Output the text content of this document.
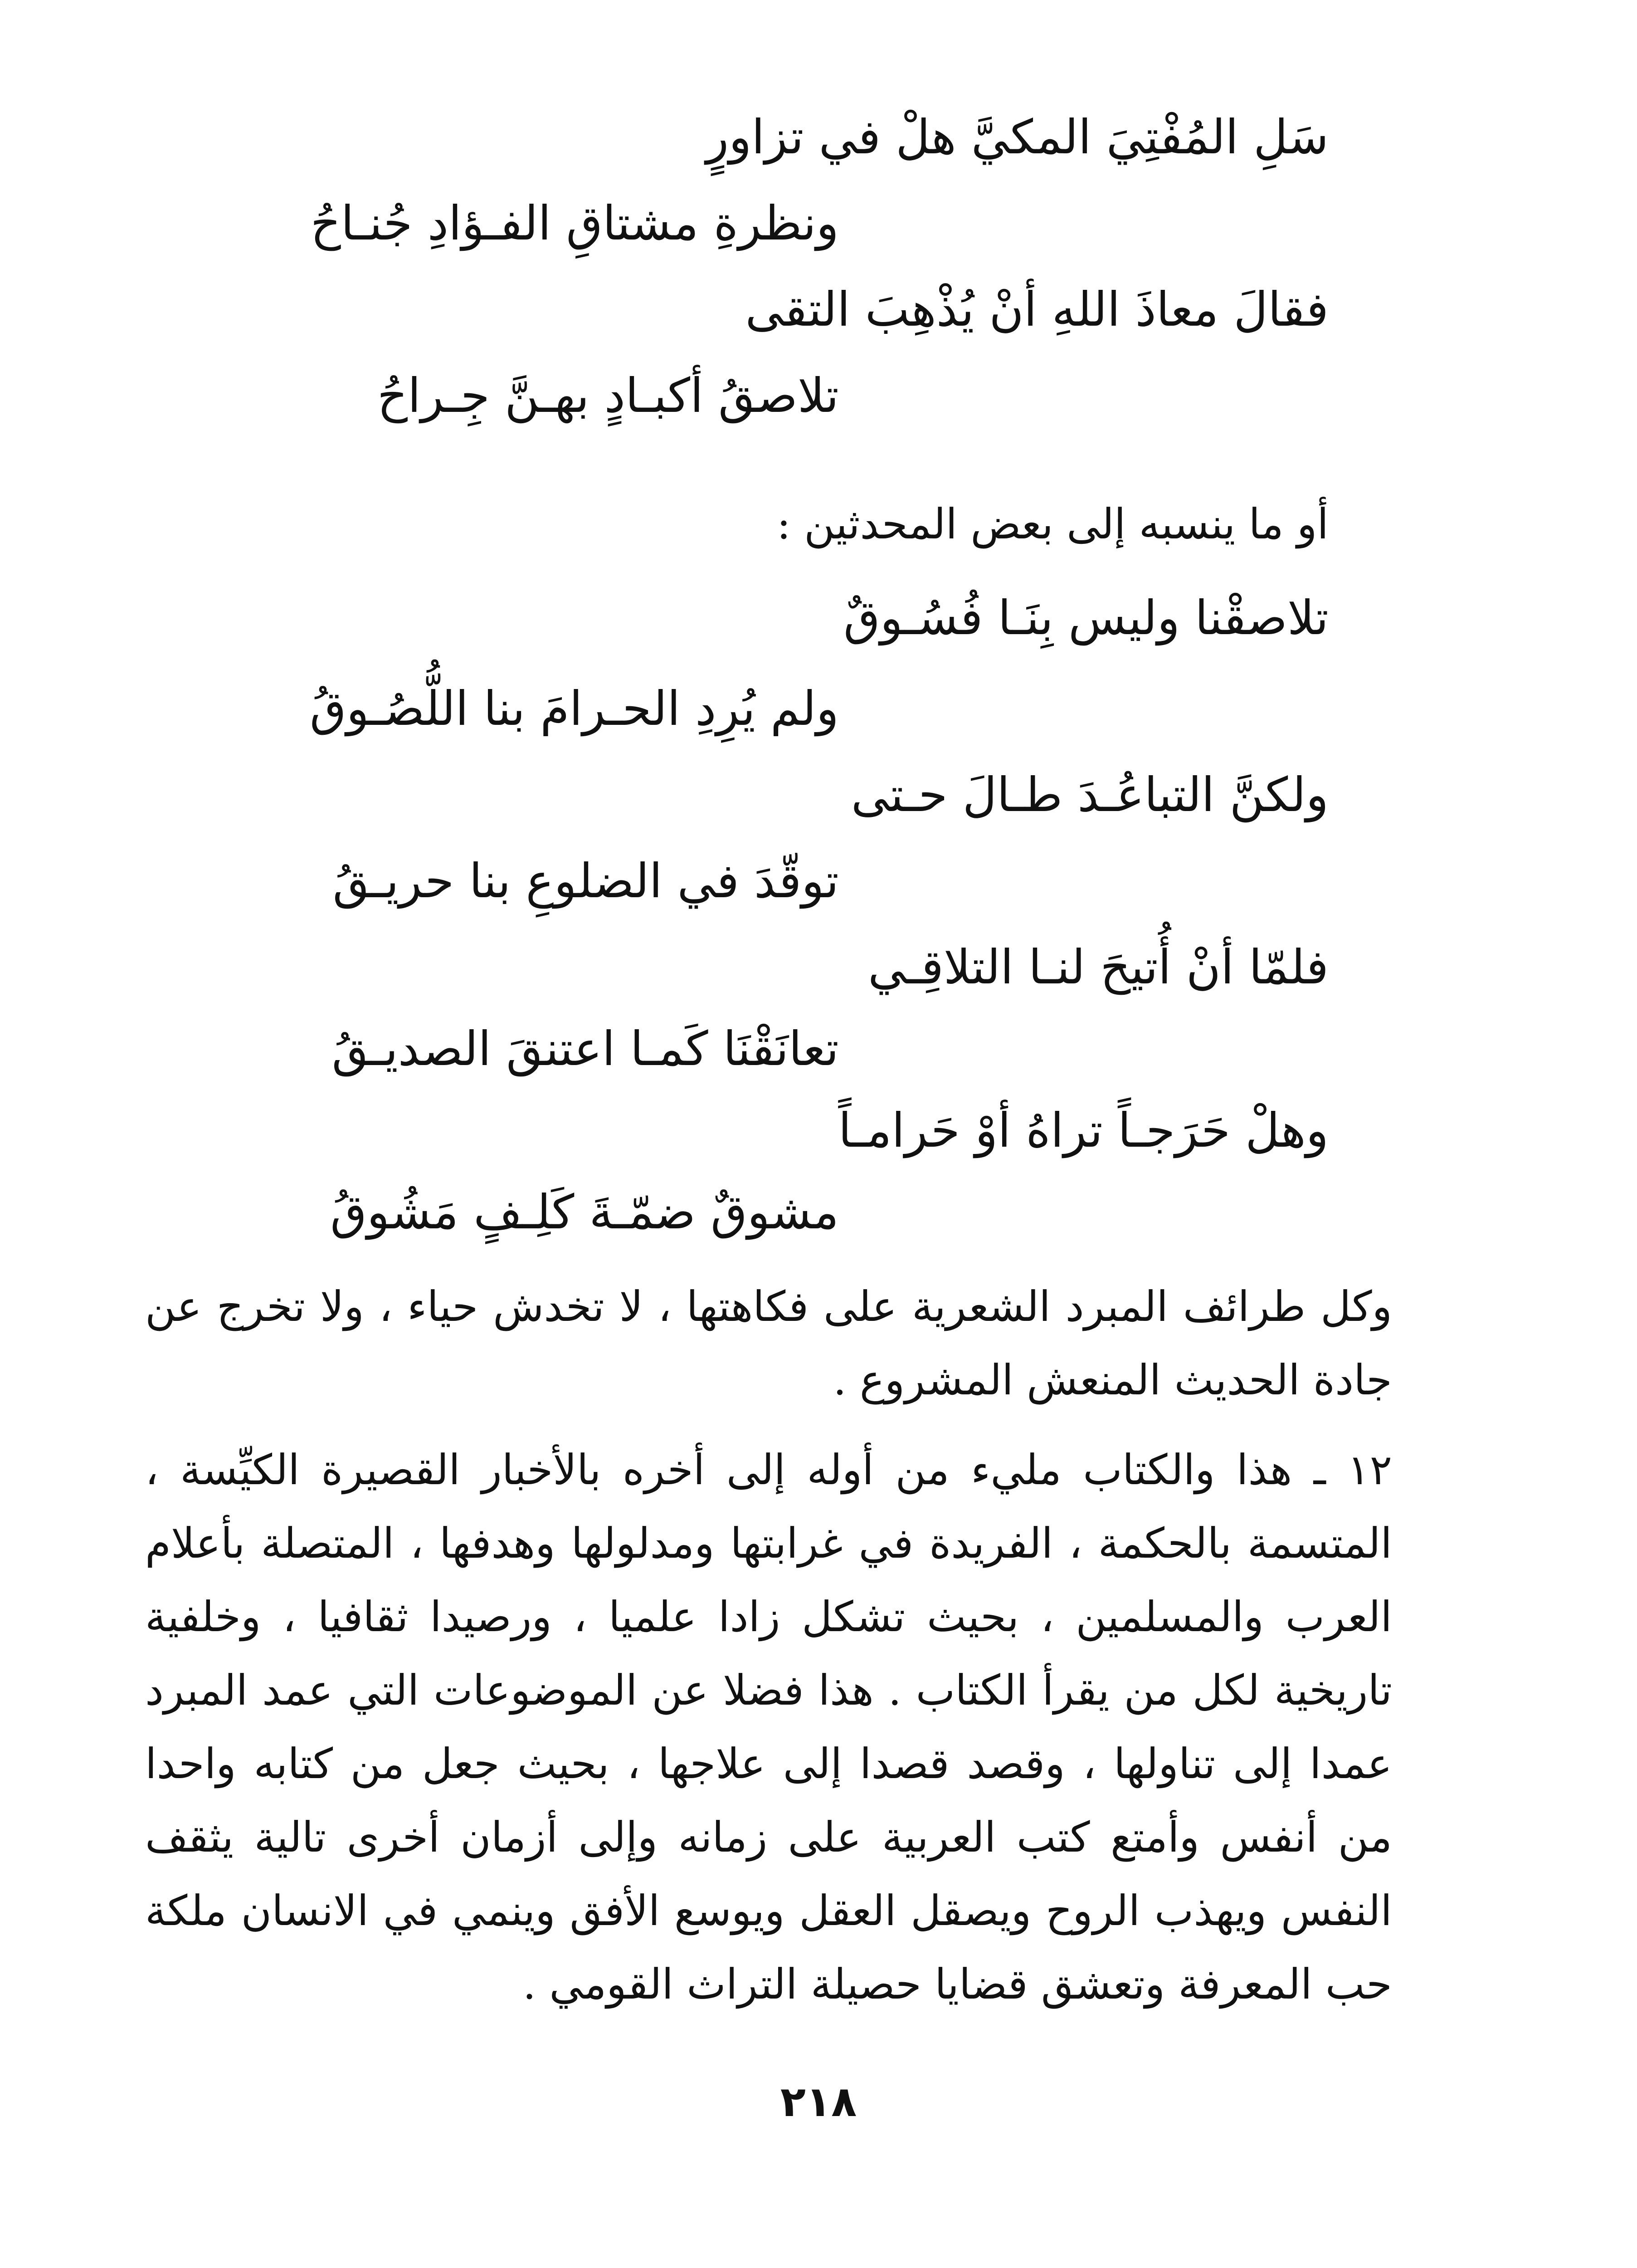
سَلِ المُفْتِيَ المكيَّ هلْ في تزاورٍ
ونظرةِ مشتاقِ الفـؤادِ جُنـاحُ
فقالَ معاذَ اللهِ أنْ يُذْهِبَ التقى
تلاصقُ أكبـادٍ بهـنَّ جِـراحُ
أو ما ينسبه إلى بعض المحدثين :
تلاصقْنا وليس بِنَـا فُسُـوقٌ
ولم يُرِدِ الحـرامَ بنا اللُّصُـوقُ
ولكنَّ التباعُـدَ طـالَ حـتى
توقّدَ في الضلوعِ بنا حريـقُ
فلمّا أنْ أُتيحَ لنـا التلاقِـي
تعانَقْنَا كَمـا اعتنقَ الصديـقُ
وهلْ حَرَجـاً تراهُ أوْ حَرامـاً
مشوقٌ ضمّـةَ كَلِـفٍ مَشُوقُ
وكل طرائف المبرد الشعرية على فكاهتها ، لا تخدش حياء ، ولا تخرج عن جادة الحديث المنعش المشروع .
١٢ ـ هذا والكتاب مليء من أوله إلى أخره بالأخبار القصيرة الكيِّسة ، المتسمة بالحكمة ، الفريدة في غرابتها ومدلولها وهدفها ، المتصلة بأعلام العرب والمسلمين ، بحيث تشكل زادا علميا ، ورصيدا ثقافيا ، وخلفية تاريخية لكل من يقرأ الكتاب . هذا فضلا عن الموضوعات التي عمد المبرد عمدا إلى تناولها ، وقصد قصدا إلى علاجها ، بحيث جعل من كتابه واحدا من أنفس وأمتع كتب العربية على زمانه وإلى أزمان أخرى تالية يثقف النفس ويهذب الروح ويصقل العقل ويوسع الأفق وينمي في الانسان ملكة حب المعرفة وتعشق قضايا حصيلة التراث القومي .
٢١٨
